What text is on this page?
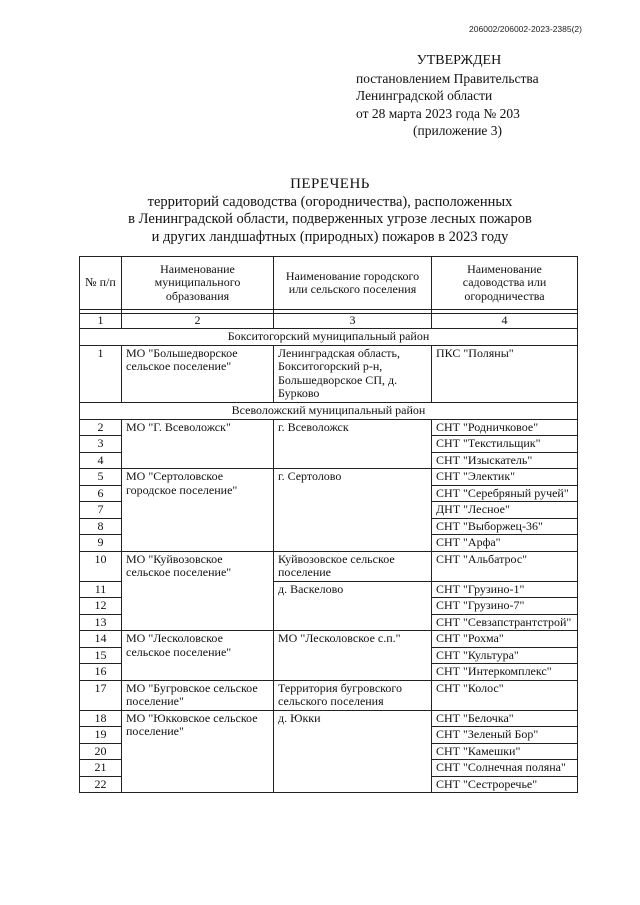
206002/206002-2023-2385(2)
УТВЕРЖДЕН
постановлением Правительства
Ленинградской области
от 28 марта 2023 года № 203
(приложение 3)
ПЕРЕЧЕНЬ
территорий садоводства (огородничества), расположенных
в Ленинградской области, подверженных угрозе лесных пожаров
и других ландшафтных (природных) пожаров в 2023 году
№ п/п	Наименование муниципального образования	Наименование городского или сельского поселения	Наименование садоводства или огородничества

1	2	3	4
Бокситогорский муниципальный район			
1	МО "Большедворское сельское поселение"	Ленинградская область, Бокситогорский р-н, Большедворское СП, д. Бурково	ПКС "Поляны"
Всеволожский муниципальный район			
2	МО "Г. Всеволожск"	г. Всеволожск	СНТ "Родничковое"
3			СНТ "Текстильщик"
4			СНТ "Изыскатель"
5	МО "Сертоловское городское поселение"	г. Сертолово	СНТ "Электик"
6			СНТ "Серебряный ручей"
7			ДНТ "Лесное"
8			СНТ "Выборжец-36"
9			СНТ "Арфа"
10	МО "Куйвозовское сельское поселение"	Куйвозовское сельское поселение	СНТ "Альбатрос"
11		д. Васкелово	СНТ "Грузино-1"
12			СНТ "Грузино-7"
13			СНТ "Севзапстрантстрой"
14	МО "Лесколовское сельское поселение"	МО "Лесколовское с.п."	СНТ "Рохма"
15			СНТ "Культура"
16			СНТ "Интеркомплекс"
17	МО "Бугровское сельское поселение"	Территория бугровского сельского поселения	СНТ "Колос"
18	МО "Юкковское сельское поселение"	д. Юкки	СНТ "Белочка"
19			СНТ "Зеленый Бор"
20			СНТ "Камешки"
21			СНТ "Солнечная поляна"
22			СНТ "Сестроречье"
